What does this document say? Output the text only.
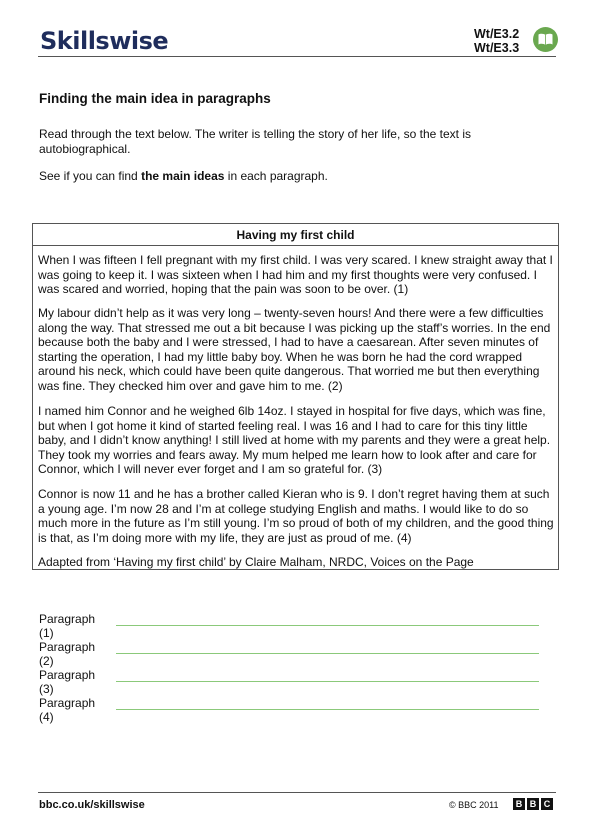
Skillswise	Wt/E3.2
Wt/E3.3
Finding the main idea in paragraphs
Read through the text below. The writer is telling the story of her life, so the text is autobiographical.
See if you can find the main ideas in each paragraph.
Having my first child

When I was fifteen I fell pregnant with my first child. I was very scared. I knew straight away that I was going to keep it. I was sixteen when I had him and my first thoughts were very confused. I was scared and worried, hoping that the pain was soon to be over. (1)

My labour didn’t help as it was very long – twenty-seven hours! And there were a few difficulties along the way. That stressed me out a bit because I was picking up the staff’s worries. In the end because both the baby and I were stressed, I had to have a caesarean. After seven minutes of starting the operation, I had my little baby boy. When he was born he had the cord wrapped around his neck, which could have been quite dangerous. That worried me but then everything was fine. They checked him over and gave him to me. (2)

I named him Connor and he weighed 6lb 14oz. I stayed in hospital for five days, which was fine, but when I got home it kind of started feeling real. I was 16 and I had to care for this tiny little baby, and I didn’t know anything! I still lived at home with my parents and they were a great help. They took my worries and fears away. My mum helped me learn how to look after and care for Connor, which I will never ever forget and I am so grateful for. (3)

Connor is now 11 and he has a brother called Kieran who is 9. I don’t regret having them at such a young age. I’m now 28 and I’m at college studying English and maths. I would like to do so much more in the future as I’m still young. I’m so proud of both of my children, and the good thing is that, as I’m doing more with my life, they are just as proud of me. (4)

Adapted from ‘Having my first child’ by Claire Malham, NRDC, Voices on the Page

Paragraph (1)
Paragraph (2)
Paragraph (3)
Paragraph (4)
bbc.co.uk/skillswise	© BBC 2011	B B C
